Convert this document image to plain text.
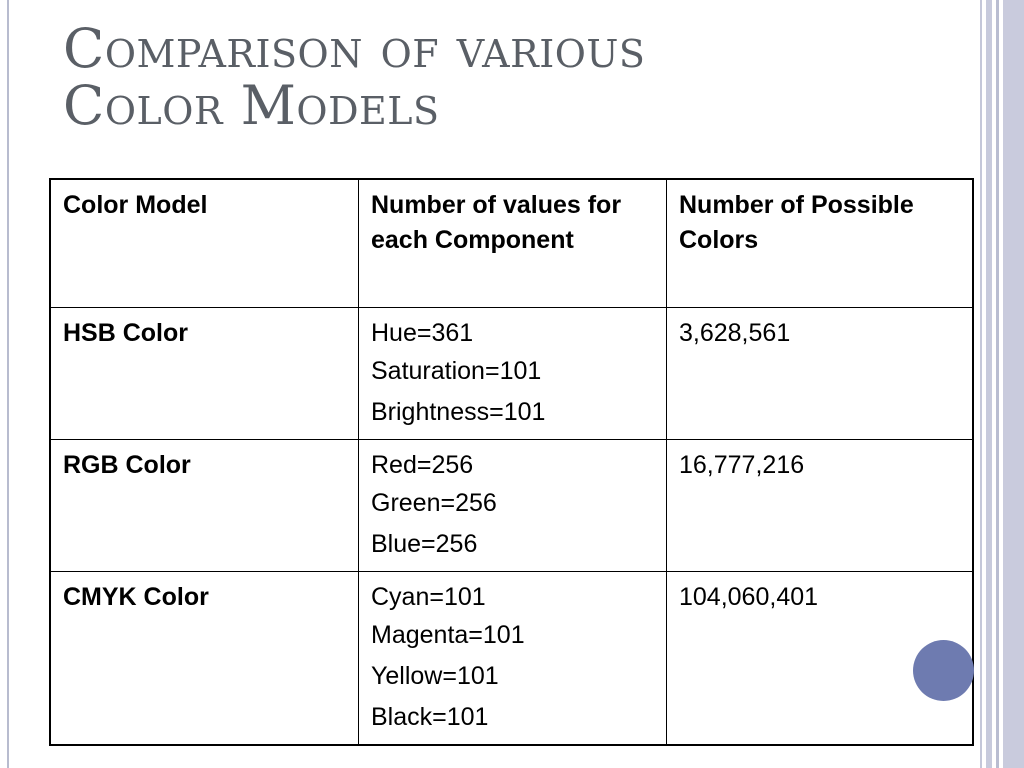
Comparison of various
Color Models
Color Model	Number of values for each Component	Number of Possible Colors
HSB Color	Hue=361
Saturation=101
Brightness=101	3,628,561
RGB Color	Red=256
Green=256
Blue=256	16,777,216
CMYK Color	Cyan=101
Magenta=101
Yellow=101
Black=101	104,060,401
